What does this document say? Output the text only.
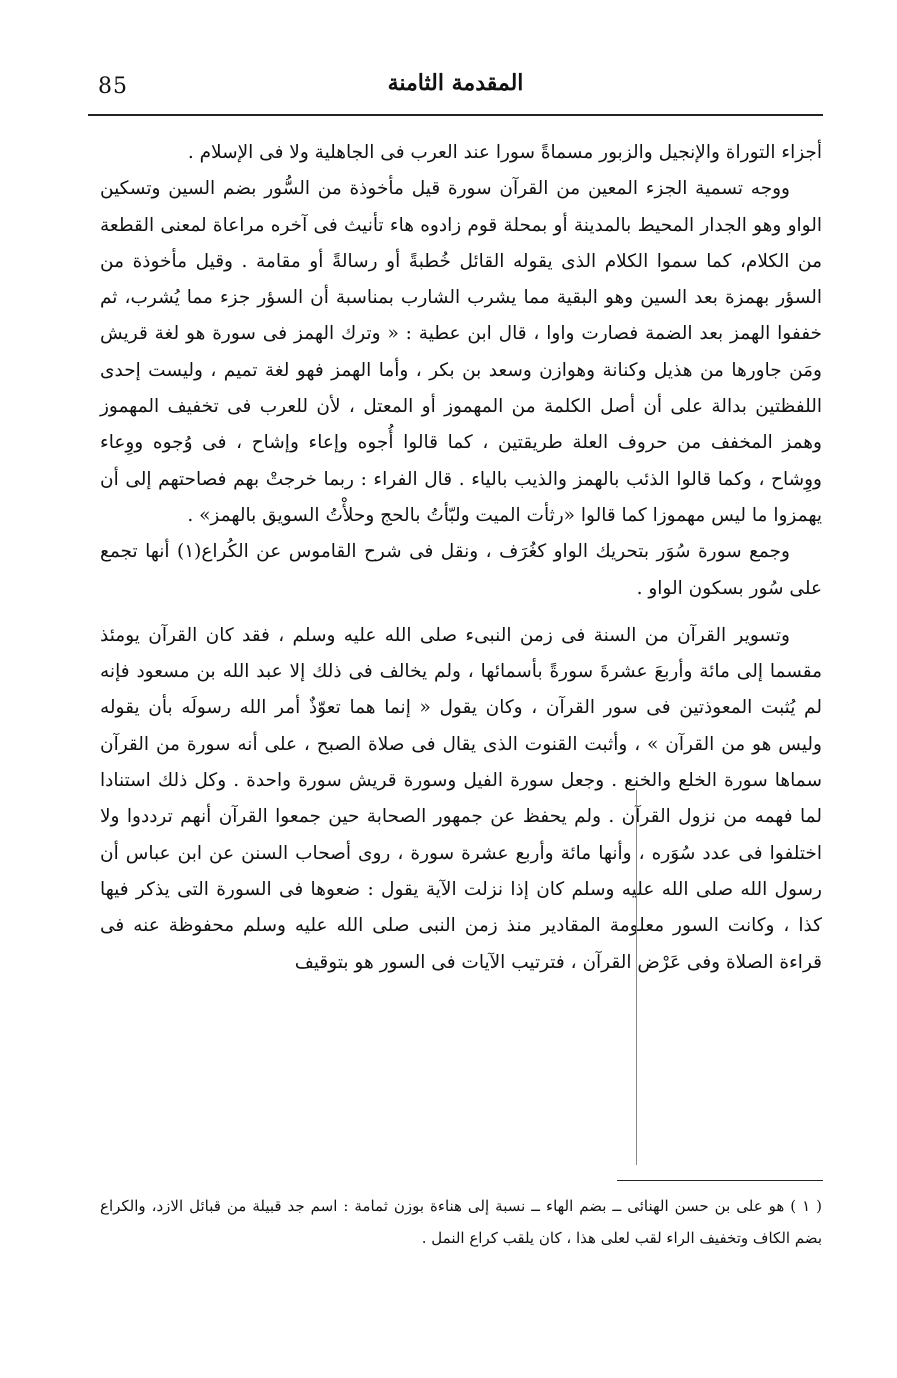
85	المقدمة الثامنة

أجزاء التوراة والإنجيل والزبور مسماةً سورا عند العرب فى الجاهلية ولا فى الإسلام .

ووجه تسمية الجزء المعين من القرآن سورة قيل مأخوذة من السُّور بضم السين وتسكين الواو وهو الجدار المحيط بالمدينة أو بمحلة قوم زادوه هاء تأنيث فى آخره مراعاة لمعنى القطعة من الكلام، كما سموا الكلام الذى يقوله القائل خُطبةً أو رسالةً أو مقامة . وقيل مأخوذة من السؤر بهمزة بعد السين وهو البقية مما يشرب الشارب بمناسبة أن السؤر جزء مما يُشرب، ثم خففوا الهمز بعد الضمة فصارت واوا ، قال ابن عطية : « وترك الهمز فى سورة هو لغة قريش ومَن جاورها من هذيل وكنانة وهوازن وسعد بن بكر ، وأما الهمز فهو لغة تميم ، وليست إحدى اللفظتين بدالة على أن أصل الكلمة من المهموز أو المعتل ، لأن للعرب فى تخفيف المهموز وهمز المخفف من حروف العلة طريقتين ، كما قالوا أُجوه وإعاء وإشاح ، فى وُجوه ووِعاء ووِشاح ، وكما قالوا الذئب بالهمز والذيب بالياء . قال الفراء : ربما خرجتْ بهم فصاحتهم إلى أن يهمزوا ما ليس مهموزا كما قالوا «رثأت الميت ولبّأتُ بالحج وحلأْتُ السويق بالهمز» .

وجمع سورة سُوَر بتحريك الواو كغُرَف ، ونقل فى شرح القاموس عن الكُراع(١) أنها تجمع على سُور بسكون الواو .

وتسوير القرآن من السنة فى زمن النبىء صلى الله عليه وسلم ، فقد كان القرآن يومئذ مقسما إلى مائة وأربعَ عشرةَ سورةً بأسمائها ، ولم يخالف فى ذلك إلا عبد الله بن مسعود فإنه لم يُثبت المعوذتين فى سور القرآن ، وكان يقول « إنما هما تعوّذٌ أمر الله رسولَه بأن يقوله وليس هو من القرآن » ، وأثبت القنوت الذى يقال فى صلاة الصبح ، على أنه سورة من القرآن سماها سورة الخلع والخنع . وجعل سورة الفيل وسورة قريش سورة واحدة . وكل ذلك استنادا لما فهمه من نزول القرآن . ولم يحفظ عن جمهور الصحابة حين جمعوا القرآن أنهم ترددوا ولا اختلفوا فى عدد سُوَره ، وأنها مائة وأربع عشرة سورة ، روى أصحاب السنن عن ابن عباس أن رسول الله صلى الله عليه وسلم كان إذا نزلت الآية يقول : ضعوها فى السورة التى يذكر فيها كذا ، وكانت السور معلومة المقادير منذ زمن النبى صلى الله عليه وسلم محفوظة عنه فى قراءة الصلاة وفى عَرْض القرآن ، فترتيب الآيات فى السور هو بتوقيف

( ١ ) هو على بن حسن الهنائى ــ بضم الهاء ــ نسبة إلى هناءة بوزن ثمامة : اسم جد قبيلة من قبائل الازد، والكراع بضم الكاف وتخفيف الراء لقب لعلى هذا ، كان يلقب كراع النمل .
